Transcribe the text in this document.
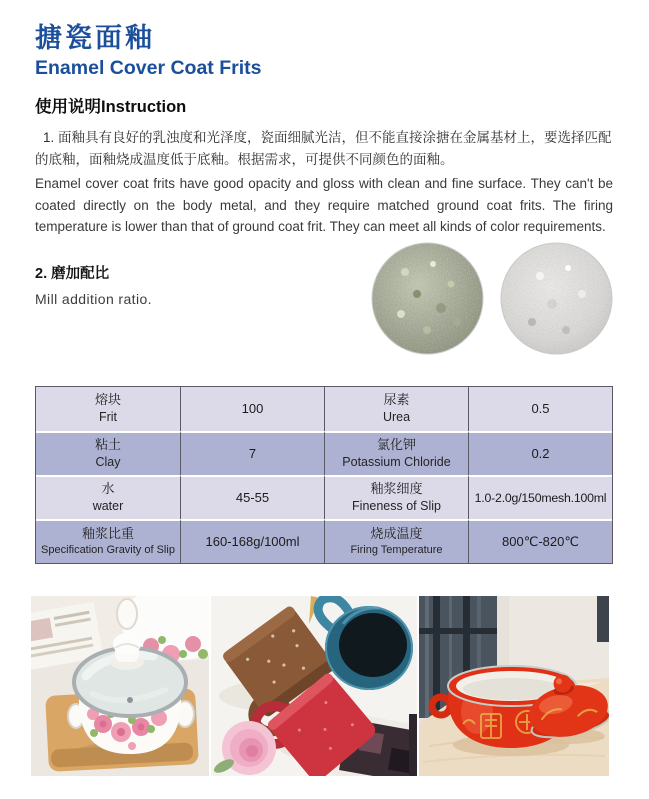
搪瓷面釉
Enamel Cover Coat Frits
使用说明Instruction

1. 面釉具有良好的乳浊度和光泽度，瓷面细腻光洁，但不能直接涂搪在金属基材上，要选择匹配的底釉，面釉烧成温度低于底釉。根据需求，可提供不同颜色的面釉。

Enamel cover coat frits have good opacity and gloss with clean and fine surface. They can't be coated directly on the body metal, and they require matched ground coat frits. The firing temperature is lower than that of ground coat frit. They can meet all kinds of color requirements.

2. 磨加配比

Mill addition ratio.

熔块
Frit
	100	
尿素
Urea
	0.5

粘土
Clay
	7	
氯化钾
Potassium Chloride
	0.2

水
water
	45-55	
釉浆细度
Fineness of Slip
	1.0-2.0g/150mesh.100ml

釉浆比重
Specification Gravity of Slip
	160-168g/100ml	
烧成温度
Firing Temperature
	800℃-820℃
